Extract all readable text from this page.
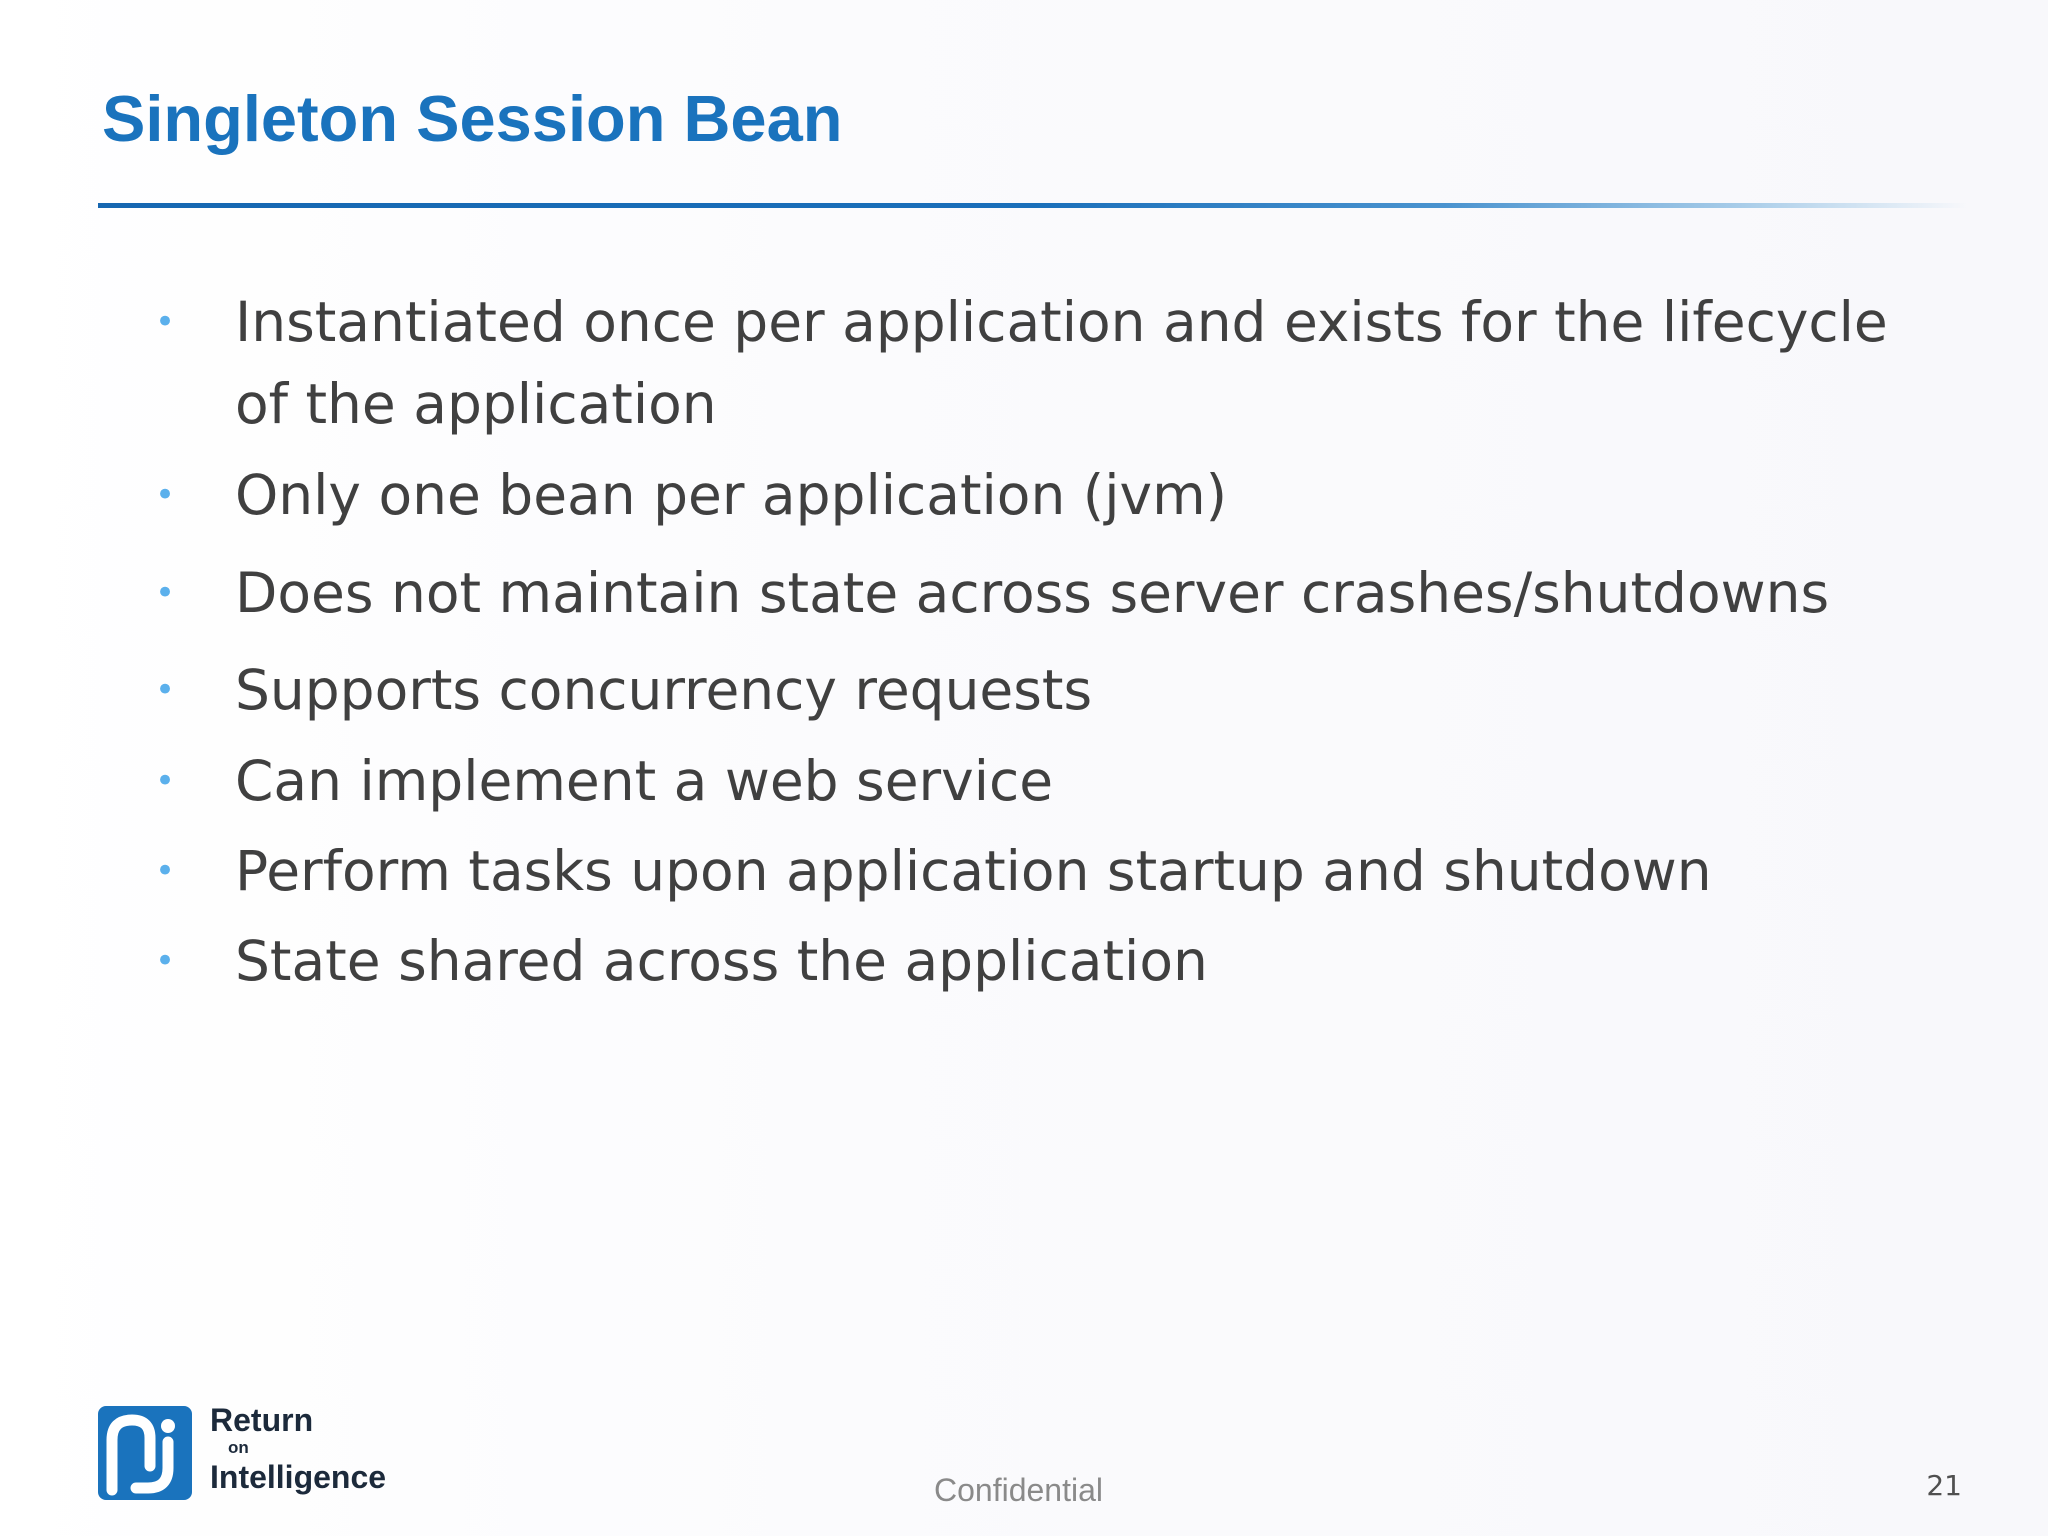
Singleton Session Bean
• Instantiated once per application and exists for the lifecycle of the application
• Only one bean per application (jvm)
• Does not maintain state across server crashes/shutdowns
• Supports concurrency requests
• Can implement a web service
• Perform tasks upon application startup and shutdown
• State shared across the application
Return
on
Intelligence	Confidential	21
